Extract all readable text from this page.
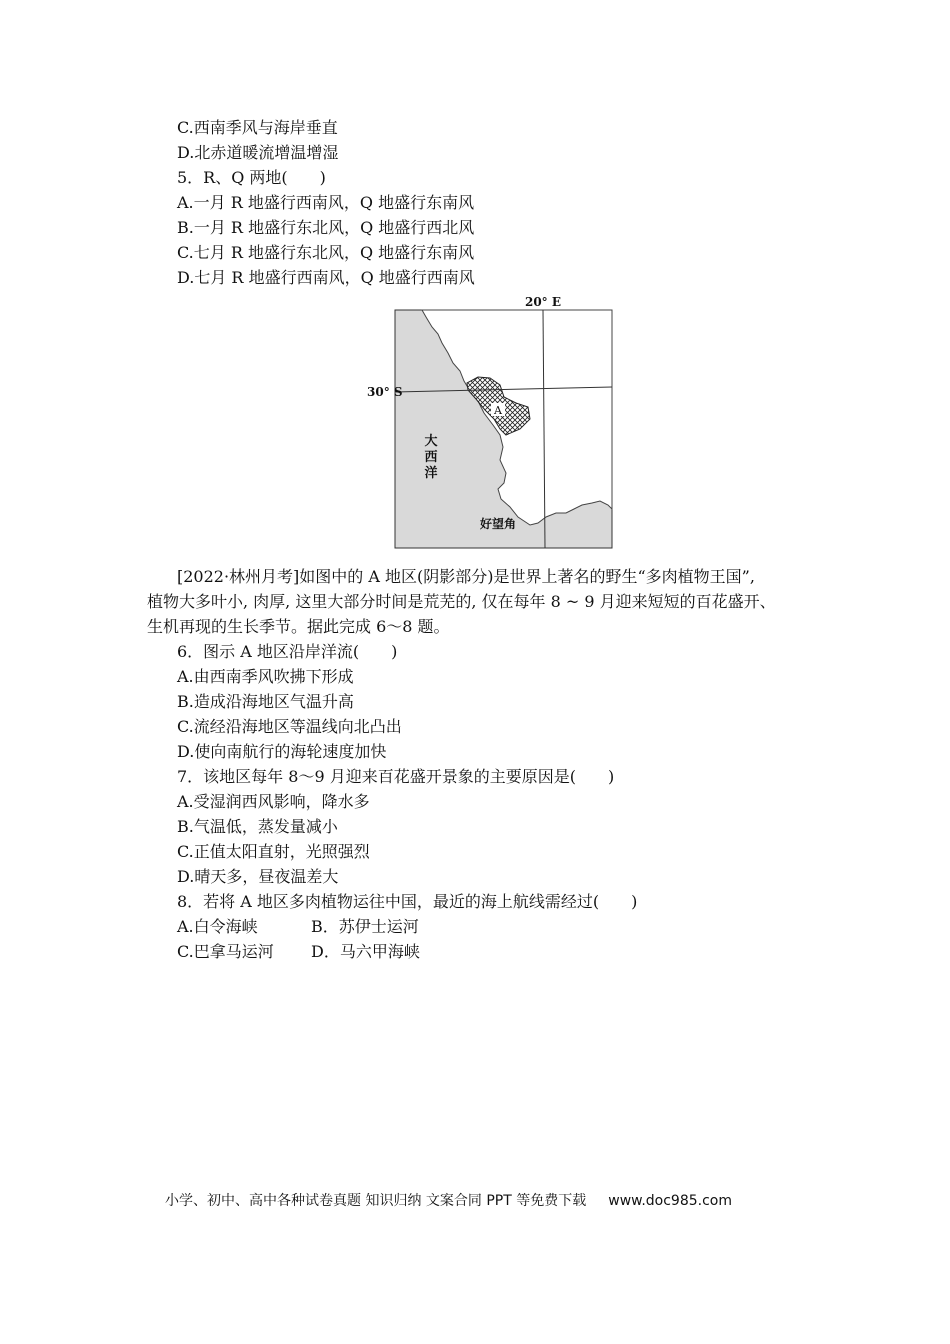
C.西南季风与海岸垂直
D.北赤道暖流增温增湿
5．R、Q 两地(　　)
A.一月 R 地盛行西南风，Q 地盛行东南风
B.一月 R 地盛行东北风，Q 地盛行西北风
C.七月 R 地盛行东北风，Q 地盛行东南风
D.七月 R 地盛行西南风，Q 地盛行西南风
A
20° E
30° S
大
西
洋
好望角
[2022·林州月考]如图中的 A 地区(阴影部分)是世界上著名的野生“多肉植物王国”,
植物大多叶小, 肉厚, 这里大部分时间是荒芜的, 仅在每年 8 ~ 9 月迎来短短的百花盛开、
生机再现的生长季节。据此完成 6～8 题。
6．图示 A 地区沿岸洋流(　　)
A.由西南季风吹拂下形成
B.造成沿海地区气温升高
C.流经沿海地区等温线向北凸出
D.使向南航行的海轮速度加快
7．该地区每年 8～9 月迎来百花盛开景象的主要原因是(　　)
A.受湿润西风影响，降水多
B.气温低，蒸发量减小
C.正值太阳直射，光照强烈
D.晴天多，昼夜温差大
8．若将 A 地区多肉植物运往中国，最近的海上航线需经过(　　)
A.白令海峡	B．苏伊士运河
C.巴拿马运河 D．马六甲海峡
小学、初中、高中各种试卷真题 知识归纳 文案合同 PPT 等免费下载 www.doc985.com
